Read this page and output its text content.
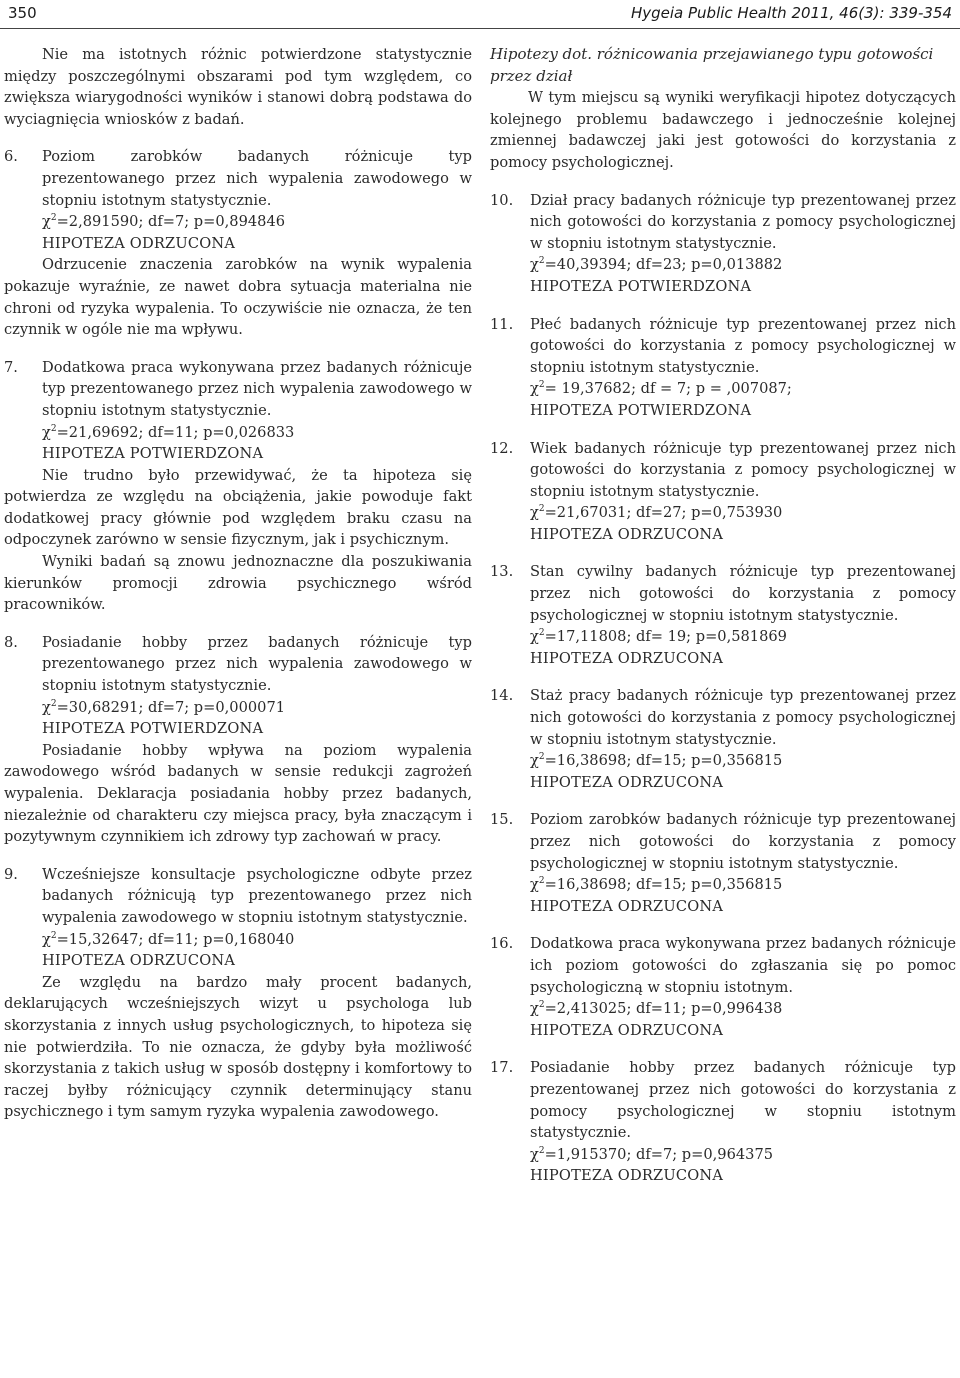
350	Hygeia Public Health 2011, 46(3): 339-354

Nie ma istotnych różnic potwierdzone statystycznie między poszczególnymi obszarami pod tym względem, co zwiększa wiarygodności wyników i stanowi dobrą podstawa do wyciagnięcia wniosków z badań.

6. Poziom zarobków badanych różnicuje typ prezentowanego przez nich wypalenia zawodowego w stopniu istotnym statystycznie.
$\chi^2=2,891590$; df=7; p=0,894846
HIPOTEZA ODRZUCONA

Odrzucenie znaczenia zarobków na wynik wypalenia pokazuje wyraźnie, ze nawet dobra sytuacja materialna nie chroni od ryzyka wypalenia. To oczywiście nie oznacza, że ten czynnik w ogóle nie ma wpływu.

7. Dodatkowa praca wykonywana przez badanych różnicuje typ prezentowanego przez nich wypalenia zawodowego w stopniu istotnym statystycznie.
$\chi^2=21,69692$; df=11; p=0,026833
HIPOTEZA POTWIERDZONA

Nie trudno było przewidywać, że ta hipoteza się potwierdza ze względu na obciążenia, jakie powoduje fakt dodatkowej pracy głównie pod względem braku czasu na odpoczynek zarówno w sensie fizycznym, jak i psychicznym.

Wyniki badań są znowu jednoznaczne dla poszukiwania kierunków promocji zdrowia psychicznego wśród pracowników.

8. Posiadanie hobby przez badanych różnicuje typ prezentowanego przez nich wypalenia zawodowego w stopniu istotnym statystycznie.
$\chi^2=30,68291$; df=7; p=0,000071
HIPOTEZA POTWIERDZONA

Posiadanie hobby wpływa na poziom wypalenia zawodowego wśród badanych w sensie redukcji zagrożeń wypalenia. Deklaracja posiadania hobby przez badanych, niezależnie od charakteru czy miejsca pracy, była znaczącym i pozytywnym czynnikiem ich zdrowy typ zachowań w pracy.

9. Wcześniejsze konsultacje psychologiczne odbyte przez badanych różnicują typ prezentowanego przez nich wypalenia zawodowego w stopniu istotnym statystycznie.
$\chi^2=15,32647$; df=11; p=0,168040
HIPOTEZA ODRZUCONA

Ze względu na bardzo mały procent badanych, deklarujących wcześniejszych wizyt u psychologa lub skorzystania z innych usług psychologicznych, to hipoteza się nie potwierdziła. To nie oznacza, że gdyby była możliwość skorzystania z takich usług w sposób dostępny i komfortowy to raczej byłby różnicujący czynnik determinujący stanu psychicznego i tym samym ryzyka wypalenia zawodowego.

Hipotezy dot. różnicowania przejawianego typu gotowości przez dział

W tym miejscu są wyniki weryfikacji hipotez dotyczących kolejnego problemu badawczego i jednocześnie kolejnej zmiennej badawczej jaki jest gotowości do korzystania z pomocy psychologicznej.

10. Dział pracy badanych różnicuje typ prezentowanej przez nich gotowości do korzystania z pomocy psychologicznej w stopniu istotnym statystycznie.
$\chi^2=40,39394$; df=23; p=0,013882
HIPOTEZA POTWIERDZONA
11. Płeć badanych różnicuje typ prezentowanej przez nich gotowości do korzystania z pomocy psychologicznej w stopniu istotnym statystycznie.
$\chi^2= 19,37682$; df = 7; p = ,007087;
HIPOTEZA POTWIERDZONA
12. Wiek badanych różnicuje typ prezentowanej przez nich gotowości do korzystania z pomocy psychologicznej w stopniu istotnym statystycznie.
$\chi^2=21,67031$; df=27; p=0,753930
HIPOTEZA ODRZUCONA
13. Stan cywilny badanych różnicuje typ prezentowanej przez nich gotowości do korzystania z pomocy psychologicznej w stopniu istotnym statystycznie.
$\chi^2=17,11808$; df= 19; p=0,581869
HIPOTEZA ODRZUCONA
14. Staż pracy badanych różnicuje typ prezentowanej przez nich gotowości do korzystania z pomocy psychologicznej w stopniu istotnym statystycznie.
$\chi^2=16,38698$; df=15; p=0,356815
HIPOTEZA ODRZUCONA
15. Poziom zarobków badanych różnicuje typ prezentowanej przez nich gotowości do korzystania z pomocy psychologicznej w stopniu istotnym statystycznie.
$\chi^2=16,38698$; df=15; p=0,356815
HIPOTEZA ODRZUCONA
16. Dodatkowa praca wykonywana przez badanych różnicuje ich poziom gotowości do zgłaszania się po pomoc psychologiczną w stopniu istotnym.
$\chi^2=2,413025$; df=11; p=0,996438
HIPOTEZA ODRZUCONA
17. Posiadanie hobby przez badanych różnicuje typ prezentowanej przez nich gotowości do korzystania z pomocy psychologicznej w stopniu istotnym statystycznie.
$\chi^2=1,915370$; df=7; p=0,964375
HIPOTEZA ODRZUCONA
